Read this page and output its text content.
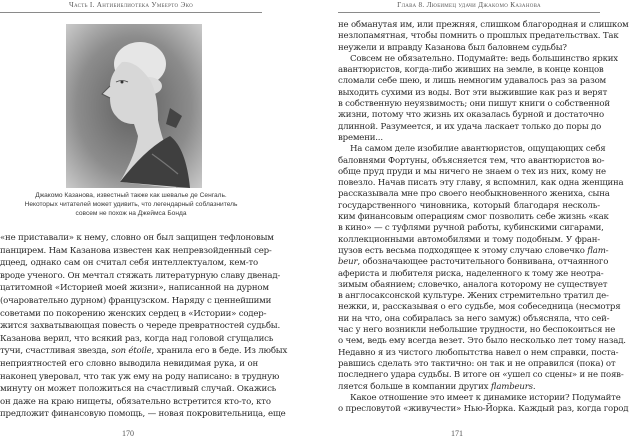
Часть I. Антибиблиотека Умберто Эко
Джакомо Казанова, известный также как шевалье де Сенгаль.
Некоторых читателей может удивить, что легендарный соблазнитель
совсем не похож на Джеймса Бонда
«не приставали» к нему, словно он был защищен тефлоновым
панцирем. Нам Казанова известен как непревзойденный сер-
дцеед, однако сам он считал себя интеллектуалом, кем-то
вроде ученого. Он мечтал стяжать литературную славу двенад-
цатитомной «Историей моей жизни», написанной на дурном
(очаровательно дурном) французском. Наряду с ценнейшими
советами по покорению женских сердец в «Истории» содер-
жится захватывающая повесть о череде превратностей судьбы.
Казанова верил, что всякий раз, когда над головой сгущались
тучи, счастливая звезда, son étoile, хранила его в беде. Из любых
неприятностей его словно выводила невидимая рука, и он
наконец уверовал, что так уж ему на роду написано: в трудную
минуту он может положиться на счастливый случай. Окажись
он даже на краю нищеты, обязательно встретится кто-то, кто
предложит финансовую помощь, — новая покровительница, еще
170
Глава 8. Любимец удачи Джакомо Казанова
не обманутая им, или прежняя, слишком благородная и слишком
незлопамятная, чтобы помнить о прошлых предательствах. Так
неужели и вправду Казанова был баловнем судьбы?
Совсем не обязательно. Подумайте: ведь большинство ярких
авантюристов, когда-либо живших на земле, в конце концов
сломали себе шею, и лишь немногим удавалось раз за разом
выходить сухими из воды. Вот эти выжившие как раз и верят
в собственную неуязвимость; они пишут книги о собственной
жизни, потому что жизнь их оказалась бурной и достаточно
длинной. Разумеется, и их удача ласкает только до поры до
времени...
На самом деле изобилие авантюристов, ощущающих себя
баловнями Фортуны, объясняется тем, что авантюристов во-
обще пруд пруди и мы ничего не знаем о тех из них, кому не
повезло. Начав писать эту главу, я вспомнил, как одна женщина
рассказывала мне про своего необыкновенного жениха, сына
государственного чиновника, который благодаря несколь-
ким финансовым операциям смог позволить себе жизнь «как
в кино» — с туфлями ручной работы, кубинскими сигарами,
коллекционными автомобилями и тому подобным. У фран-
цузов есть весьма подходящее к этому случаю словечко flam-
beur, обозначающее расточительного бонвивана, отчаянного
афериста и любителя риска, наделенного к тому же неотра-
зимым обаянием; словечко, аналога которому не существует
в англосаксонской культуре. Жених стремительно тратил де-
нежки, и, рассказывая о его судьбе, моя собеседница (несмотря
ни на что, она собиралась за него замуж) объясняла, что сей-
час у него возникли небольшие трудности, но беспокоиться не
о чем, ведь ему всегда везет. Это было несколько лет тому назад.
Недавно я из чистого любопытства навел о нем справки, поста-
равшись сделать это тактично: он так и не оправился (пока) от
последнего удара судьбы. В итоге он «ушел со сцены» и не появ-
ляется больше в компании других flambeurs.
Какое отношение это имеет к динамике истории? Подумайте
о пресловутой «живучести» Нью-Йорка. Каждый раз, когда город
171
